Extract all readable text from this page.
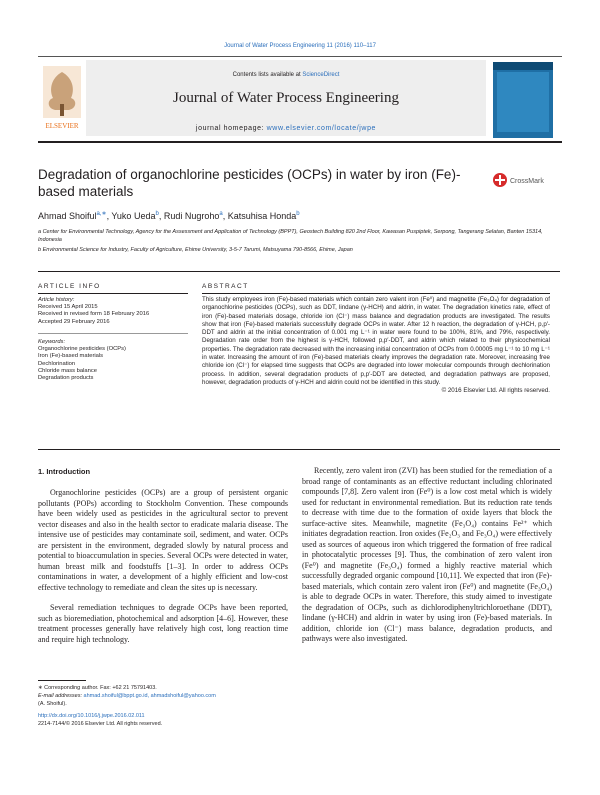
Journal of Water Process Engineering 11 (2016) 110–117
ELSEVIER
Contents lists available at ScienceDirect
Journal of Water Process Engineering
journal homepage: www.elsevier.com/locate/jwpe
Degradation of organochlorine pesticides (OCPs) in water by iron (Fe)-based materials
CrossMark
Ahmad Shoiful$^{a,∗}$, Yuko Ueda$^b$, Rudi Nugroho$^a$, Katsuhisa Honda$^b$
a Center for Environmental Technology, Agency for the Assessment and Application of Technology (BPPT), Geostech Building 820 2nd Floor, Kawasan Puspiptek, Serpong, Tangerang Selatan, Banten 15314, Indonesia
b Environmental Science for Industry, Faculty of Agriculture, Ehime University, 3-5-7 Tarumi, Matsuyama 790-8566, Ehime, Japan
ARTICLE INFO	ABSTRACT
Article history:
Received 15 April 2015
Received in revised form 18 February 2016
Accepted 29 February 2016
Keywords:
Organochlorine pesticides (OCPs)
Iron (Fe)-based materials
Dechlorination
Chloride mass balance
Degradation products
This study employees iron (Fe)-based materials which contain zero valent iron (Fe⁰) and magnetite (Fe₃O₄) for degradation of organochlorine pesticides (OCPs), such as DDT, lindane (γ-HCH) and aldrin, in water. The degradation kinetics rate, effect of iron (Fe)-based materials dosage, chloride ion (Cl⁻) mass balance and degradation products are investigated. The results show that iron (Fe)-based materials successfully degrade OCPs in water. After 12 h reaction, the degradation of γ-HCH, p,p′-DDT and aldrin at the initial concentration of 0.001 mg L⁻¹ in water were found to be 100%, 81%, and 79%, respectively. Degradation rate order from the highest is γ-HCH, followed p,p′-DDT, and aldrin which related to their physicochemical properties. The degradation rate decreased with the increasing initial concentration of OCPs from 0.00005 mg L⁻¹ to 10 mg L⁻¹ in water. Increasing the amount of iron (Fe)-based materials clearly improves the degradation rate. Moreover, increasing free chloride ion (Cl⁻) for elapsed time suggests that OCPs are degraded into lower molecular compounds through dechlorination process. In addition, several degradation products of p,p′-DDT are detected, and degradation pathways are proposed, however, degradation products of γ-HCH and aldrin could not be identified in this study.
© 2016 Elsevier Ltd. All rights reserved.
1. Introduction

Organochlorine pesticides (OCPs) are a group of persistent organic pollutants (POPs) according to Stockholm Convention. These compounds have been widely used as pesticides in the agricultural sector to prevent vector diseases and also in the health sector to eradicate malaria disease. The intensive use of pesticides may contaminate soil, sediment, and water. OCPs are persistent in the environment, degraded slowly by natural process and potential to bioaccumulation in species. Several OCPs were detected in water, human breast milk and foodstuffs [1–3]. In order to address OCPs contaminations in water, a development of a highly efficient and low-cost effective technology to remediate and clean the sites up is necessary.

Several remediation techniques to degrade OCPs have been reported, such as bioremediation, photochemical and adsorption [4–6]. However, these treatment processes generally have relatively high cost, long reaction time and require high technology.

Recently, zero valent iron (ZVI) has been studied for the remediation of a broad range of contaminants as an effective reductant including chlorinated compounds [7,8]. Zero valent iron (Fe⁰) is a low cost metal which is widely used for reductant in environmental remediation. But its reduction rate tends to decrease with time due to the formation of oxide layers that block the surface-active sites. Meanwhile, magnetite (Fe₃O₄) contains Fe²⁺ which initiates degradation reaction. Iron oxides (Fe₂O₃ and Fe₃O₄) were effectively used as sources of aqueous iron which triggered the formation of free radical in photocatalytic processes [9]. Thus, the combination of zero valent iron (Fe⁰) and magnetite (Fe₃O₄) formed a highly reactive material which successfully degraded organic compound [10,11]. We expected that iron (Fe)-based materials, which contain zero valent iron (Fe⁰) and magnetite (Fe₃O₄) is able to degrade OCPs in water. Therefore, this study aimed to investigate the degradation of OCPs, such as dichlorodiphenyltrichloroethane (DDT), lindane (γ-HCH) and aldrin in water by using iron (Fe)-based materials. In addition, chloride ion (Cl⁻) mass balance, degradation products, and pathways were also investigated.

∗ Corresponding author. Fax: +62 21 75791403.
E-mail addresses: ahmad.shoiful@bppt.go.id, ahmadshoiful@yahoo.com
(A. Shoiful).
http://dx.doi.org/10.1016/j.jwpe.2016.02.011
2214-7144/© 2016 Elsevier Ltd. All rights reserved.
